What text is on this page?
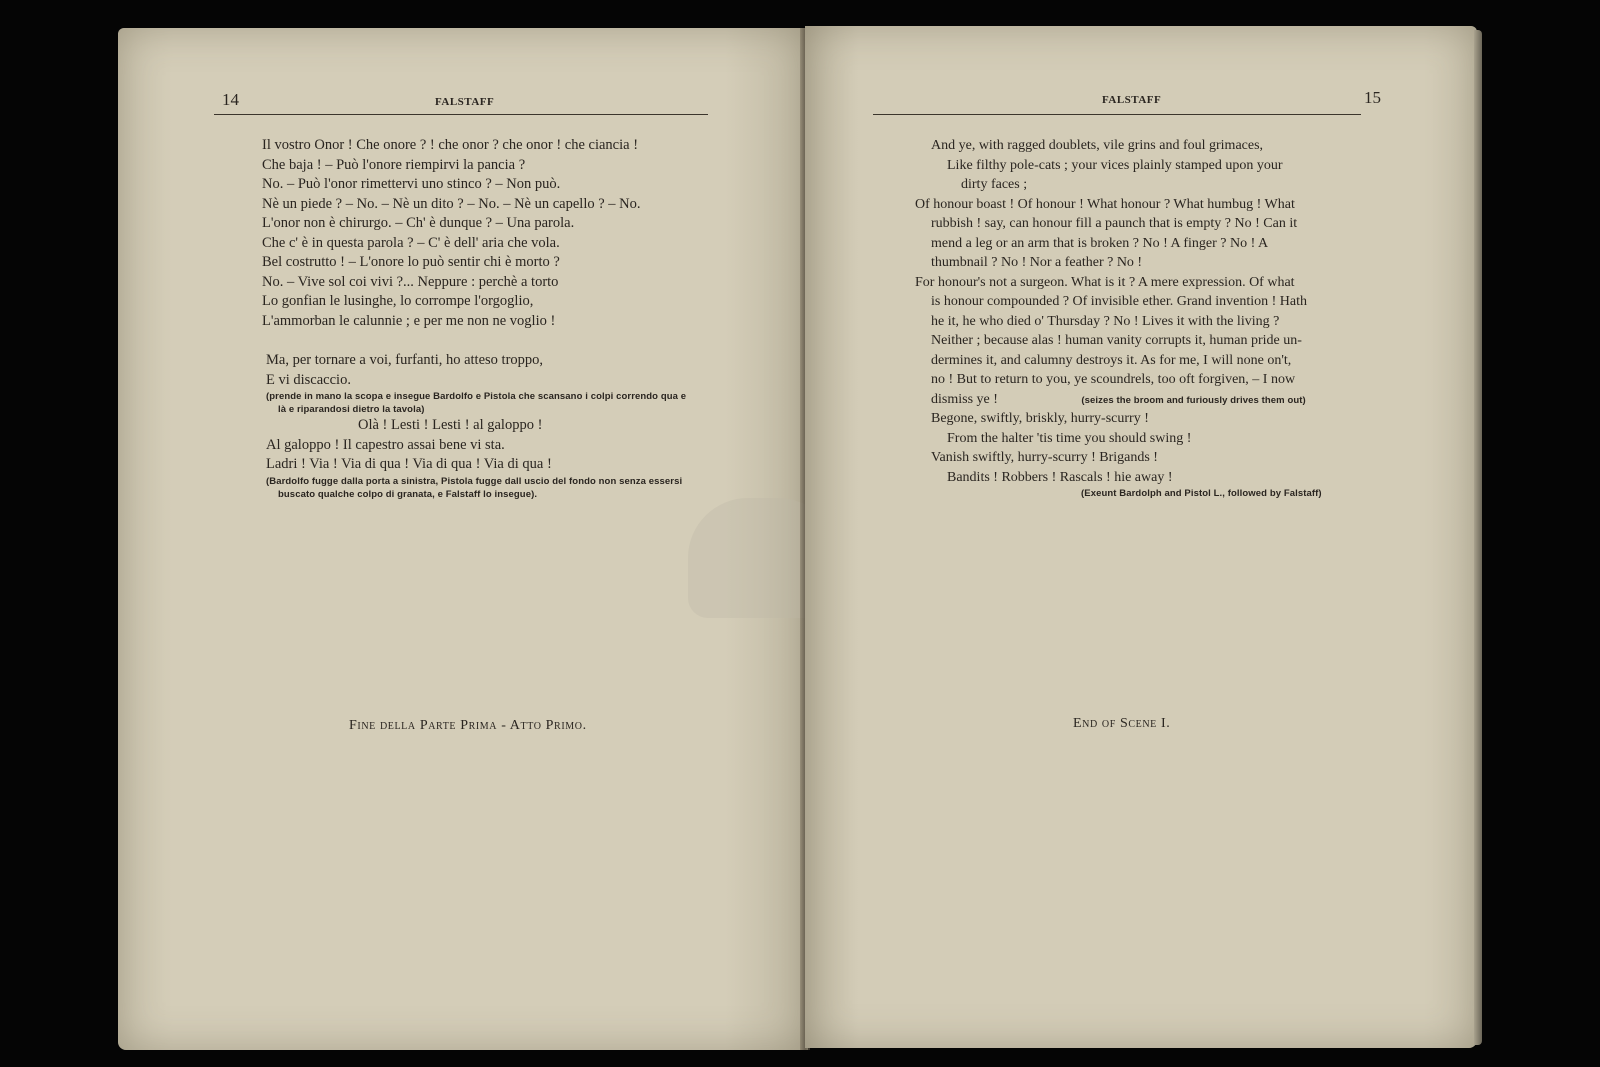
14	FALSTAFF
Il vostro Onor ! Che onore ? ! che onor ? che onor ! che ciancia !
Che baja ! – Può l'onore riempirvi la pancia ?
No. – Può l'onor rimettervi uno stinco ? – Non può.
Nè un piede ? – No. – Nè un dito ? – No. – Nè un capello ? – No.
L'onor non è chirurgo. – Ch' è dunque ? – Una parola.
Che c' è in questa parola ? – C' è dell' aria che vola.
Bel costrutto ! – L'onore lo può sentir chi è morto ?
No. – Vive sol coi vivi ?... Neppure : perchè a torto
Lo gonfian le lusinghe, lo corrompe l'orgoglio,
L'ammorban le calunnie ; e per me non ne voglio !
Ma, per tornare a voi, furfanti, ho atteso troppo,
E vi discaccio.
(prende in mano la scopa e insegue Bardolfo e Pistola che scansano i colpi correndo qua e
là e riparandosi dietro la tavola)
Olà ! Lesti ! Lesti ! al galoppo !
Al galoppo ! Il capestro assai bene vi sta.
Ladri ! Via ! Via di qua ! Via di qua ! Via di qua !
(Bardolfo fugge dalla porta a sinistra, Pistola fugge dall uscio del fondo non senza essersi
buscato qualche colpo di granata, e Falstaff lo insegue).
Fine della Parte Prima - Atto Primo.
FALSTAFF	15
And ye, with ragged doublets, vile grins and foul grimaces,
Like filthy pole-cats ; your vices plainly stamped upon your
dirty faces ;
Of honour boast ! Of honour ! What honour ? What humbug ! What
rubbish ! say, can honour fill a paunch that is empty ? No ! Can it
mend a leg or an arm that is broken ? No ! A finger ? No ! A
thumbnail ? No ! Nor a feather ? No !
For honour's not a surgeon. What is it ? A mere expression. Of what
is honour compounded ? Of invisible ether. Grand invention ! Hath
he it, he who died o' Thursday ? No ! Lives it with the living ?
Neither ; because alas ! human vanity corrupts it, human pride un-
dermines it, and calumny destroys it. As for me, I will none on't,
no ! But to return to you, ye scoundrels, too oft forgiven, – I now
dismiss ye !	(seizes the broom and furiously drives them out)
Begone, swiftly, briskly, hurry-scurry !
From the halter 'tis time you should swing !
Vanish swiftly, hurry-scurry ! Brigands !
Bandits ! Robbers ! Rascals ! hie away !
(Exeunt Bardolph and Pistol L., followed by Falstaff)
End of Scene I.
